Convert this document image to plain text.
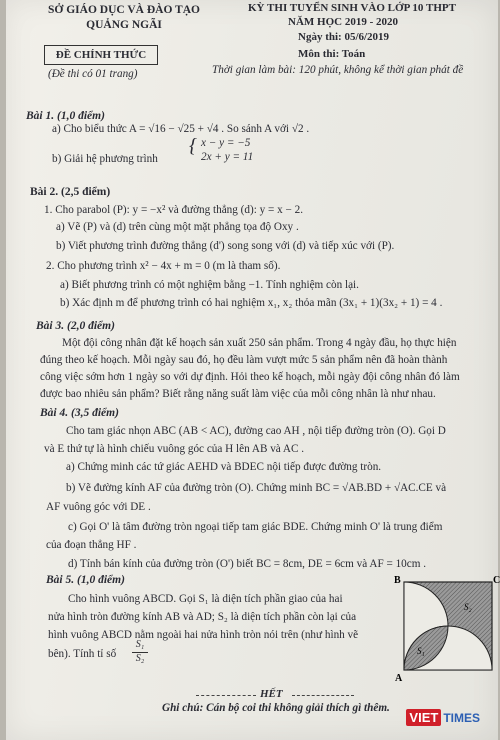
SỞ GIÁO DỤC VÀ ĐÀO TẠO
QUẢNG NGÃI
ĐỀ CHÍNH THỨC
(Đề thi có 01 trang)
KỲ THI TUYỂN SINH VÀO LỚP 10 THPT
NĂM HỌC 2019 - 2020
Ngày thi: 05/6/2019
Môn thi: Toán
Thời gian làm bài: 120 phút, không kể thời gian phát đề
Bài 1. (1,0 điểm)
a) Cho biểu thức A = √16 − √25 + √4 . So sánh A với √2 .
b) Giải hệ phương trình
{ x − y = −5
2x + y = 11
Bài 2. (2,5 điểm)
1. Cho parabol (P): y = −x² và đường thẳng (d): y = x − 2.
a) Vẽ (P) và (d) trên cùng một mặt phẳng tọa độ Oxy .
b) Viết phương trình đường thẳng (d') song song với (d) và tiếp xúc với (P).
2. Cho phương trình x² − 4x + m = 0 (m là tham số).
a) Biết phương trình có một nghiệm bằng −1. Tính nghiệm còn lại.
b) Xác định m để phương trình có hai nghiệm x₁, x₂ thỏa mãn (3x₁ + 1)(3x₂ + 1) = 4 .
Bài 3. (2,0 điểm)
Một đội công nhân đặt kế hoạch sản xuất 250 sản phẩm. Trong 4 ngày đầu, họ thực hiện
đúng theo kế hoạch. Mỗi ngày sau đó, họ đều làm vượt mức 5 sản phẩm nên đã hoàn thành
công việc sớm hơn 1 ngày so với dự định. Hỏi theo kế hoạch, mỗi ngày đội công nhân đó làm
được bao nhiêu sản phẩm? Biết rằng năng suất làm việc của mỗi công nhân là như nhau.
Bài 4. (3,5 điểm)
Cho tam giác nhọn ABC (AB < AC), đường cao AH , nội tiếp đường tròn (O). Gọi D
và E thứ tự là hình chiếu vuông góc của H lên AB và AC .
a) Chứng minh các tứ giác AEHD và BDEC nội tiếp được đường tròn.
b) Vẽ đường kính AF của đường tròn (O). Chứng minh BC = √AB.BD + √AC.CE và
AF vuông góc với DE .
c) Gọi O' là tâm đường tròn ngoại tiếp tam giác BDE. Chứng minh O' là trung điểm
của đoạn thẳng HF .
d) Tính bán kính của đường tròn (O') biết BC = 8cm, DE = 6cm và AF = 10cm .
Bài 5. (1,0 điểm)
Cho hình vuông ABCD. Gọi S₁ là diện tích phần giao của hai
nửa hình tròn đường kính AB và AD; S₂ là diện tích phần còn lại của
hình vuông ABCD nằm ngoài hai nửa hình tròn nói trên (như hình vẽ
bên). Tính tỉ số
S₁
S₂
B	C
A
S₁
S₂
HẾT
Ghi chú: Cán bộ coi thi không giải thích gì thêm.
VIET TIMES
